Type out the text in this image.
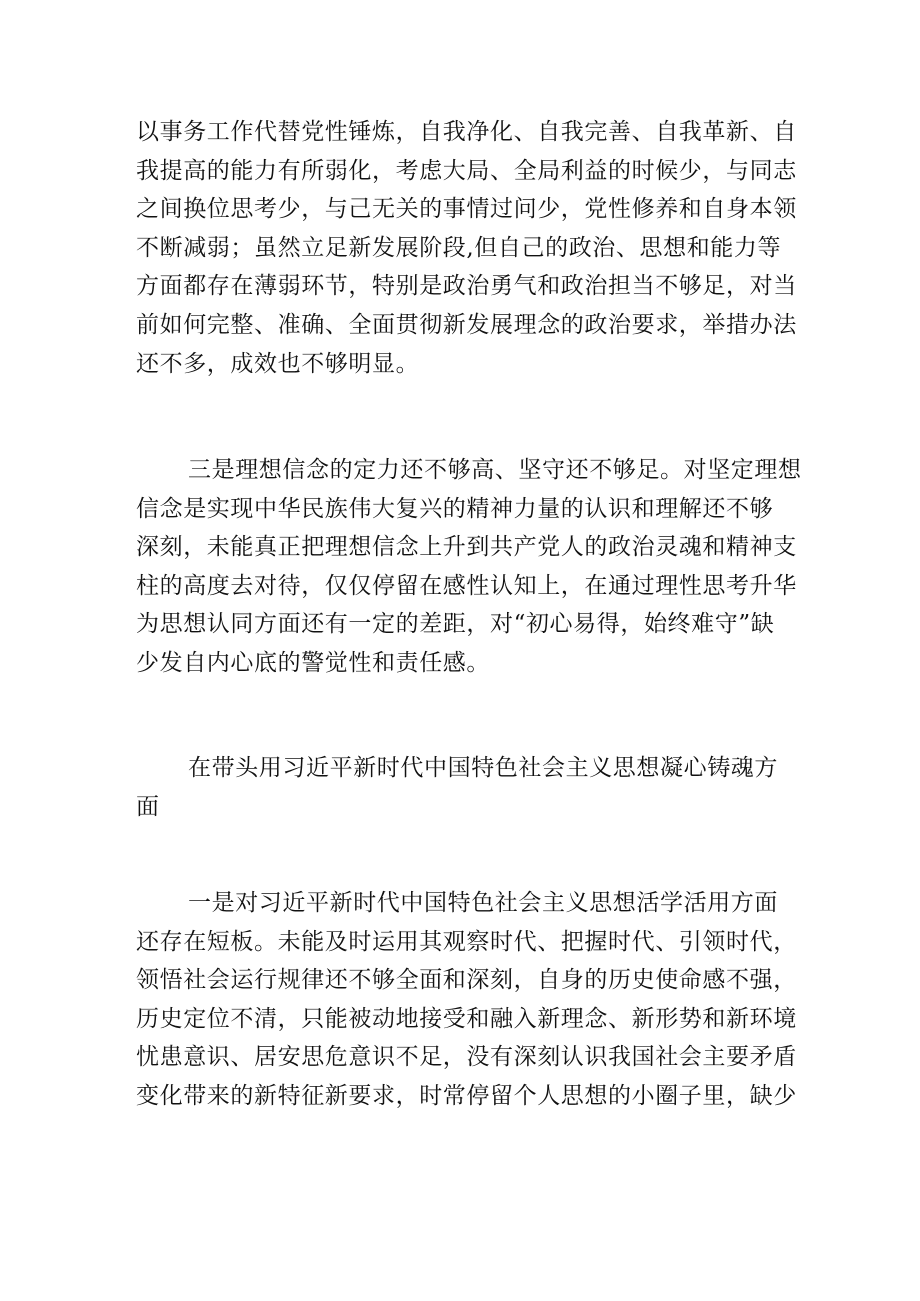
以事务工作代替党性锤炼，自我净化、自我完善、自我革新、自
我提高的能力有所弱化，考虑大局、全局利益的时候少，与同志
之间换位思考少，与己无关的事情过问少，党性修养和自身本领
不断减弱；虽然立足新发展阶段,但自己的政治、思想和能力等
方面都存在薄弱环节，特别是政治勇气和政治担当不够足，对当
前如何完整、准确、全面贯彻新发展理念的政治要求，举措办法
还不多，成效也不够明显。
三是理想信念的定力还不够高、坚守还不够足。对坚定理想
信念是实现中华民族伟大复兴的精神力量的认识和理解还不够
深刻，未能真正把理想信念上升到共产党人的政治灵魂和精神支
柱的高度去对待，仅仅停留在感性认知上，在通过理性思考升华
为思想认同方面还有一定的差距，对“初心易得，始终难守”缺
少发自内心底的警觉性和责任感。
在带头用习近平新时代中国特色社会主义思想凝心铸魂方
面
一是对习近平新时代中国特色社会主义思想活学活用方面
还存在短板。未能及时运用其观察时代、把握时代、引领时代，
领悟社会运行规律还不够全面和深刻，自身的历史使命感不强，
历史定位不清，只能被动地接受和融入新理念、新形势和新环境
忧患意识、居安思危意识不足，没有深刻认识我国社会主要矛盾
变化带来的新特征新要求，时常停留个人思想的小圈子里，缺少
